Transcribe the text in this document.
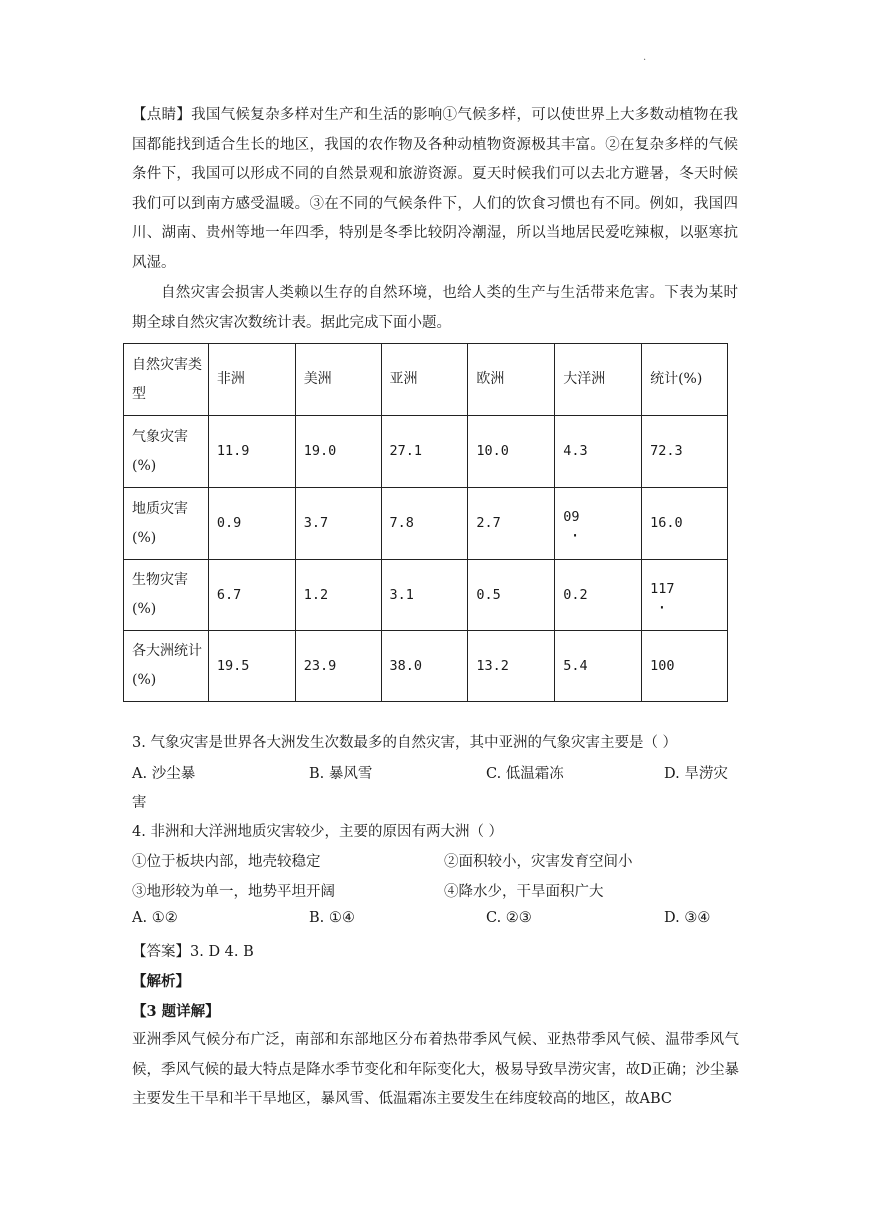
.

【点睛】我国气候复杂多样对生产和生活的影响①气候多样，可以使世界上大多数动植物在我国都能找到适合生长的地区，我国的农作物及各种动植物资源极其丰富。②在复杂多样的气候条件下，我国可以形成不同的自然景观和旅游资源。夏天时候我们可以去北方避暑，冬天时候我们可以到南方感受温暖。③在不同的气候条件下，人们的饮食习惯也有不同。例如，我国四川、湖南、贵州等地一年四季，特别是冬季比较阴冷潮湿，所以当地居民爱吃辣椒，以驱寒抗风湿。

自然灾害会损害人类赖以生存的自然环境，也给人类的生产与生活带来危害。下表为某时期全球自然灾害次数统计表。据此完成下面小题。

自然灾害类型	非洲	美洲	亚洲	欧洲	大洋洲	统计(%)
气象灾害(%)	11.9	19.0	27.1	10.0	4.3	72.3
地质灾害(%)	0.9	3.7	7.8	2.7	09 ·	16.0
生物灾害(%)	6.7	1.2	3.1	0.5	0.2	117 ·
各大洲统计(%)	19.5	23.9	38.0	13.2	5.4	100

3. 气象灾害是世界各大洲发生次数最多的自然灾害，其中亚洲的气象灾害主要是（ ）

A. 沙尘暴	B. 暴风雪	C. 低温霜冻	D. 旱涝灾
害

4. 非洲和大洋洲地质灾害较少，主要的原因有两大洲（ ）

①位于板块内部，地壳较稳定	②面积较小，灾害发育空间小
③地形较为单一，地势平坦开阔	④降水少，干旱面积广大
A. ①②	B. ①④	C. ②③	D. ③④

【答案】3. D 4. B

【解析】

【3 题详解】

亚洲季风气候分布广泛，南部和东部地区分布着热带季风气候、亚热带季风气候、温带季风气候，季风气候的最大特点是降水季节变化和年际变化大，极易导致旱涝灾害，故D正确；沙尘暴主要发生干旱和半干旱地区，暴风雪、低温霜冻主要发生在纬度较高的地区，故ABC
